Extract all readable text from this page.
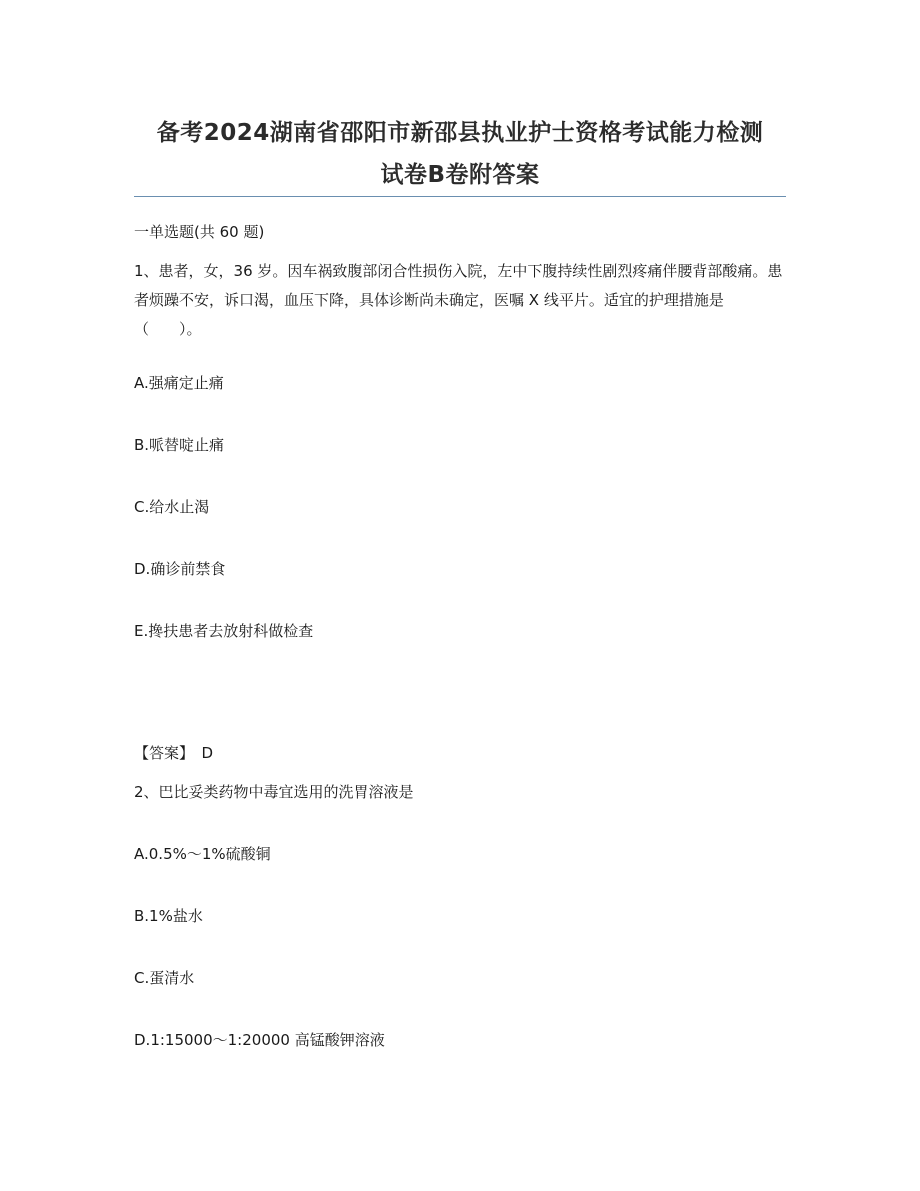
备考2024湖南省邵阳市新邵县执业护士资格考试能力检测
试卷B卷附答案

一单选题(共 60 题)

1、患者，女，36 岁。因车祸致腹部闭合性损伤入院，左中下腹持续性剧烈疼痛伴腰背部酸痛。患者烦躁不安，诉口渴，血压下降，具体诊断尚未确定，医嘱 X 线平片。适宜的护理措施是（　　）。

A.强痛定止痛

B.哌替啶止痛

C.给水止渴

D.确诊前禁食

E.搀扶患者去放射科做检查

【答案】　D

2、巴比妥类药物中毒宜选用的洗胃溶液是

A.0.5%～1%硫酸铜

B.1%盐水

C.蛋清水

D.1:15000～1:20000 高锰酸钾溶液
